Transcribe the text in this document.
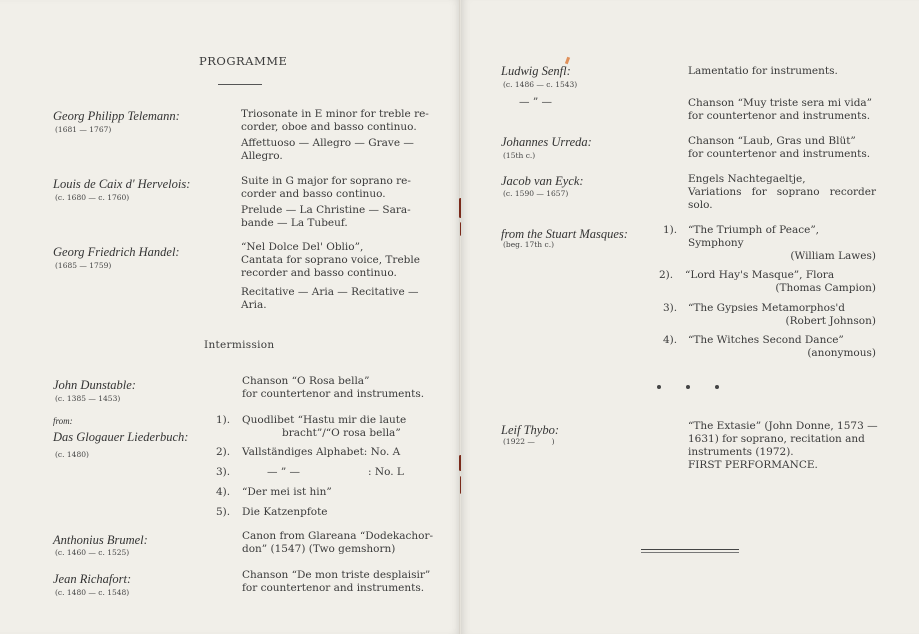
PROGRAMME
Georg Philipp Telemann:
(1681 — 1767)
Triosonate in E minor for treble re-
corder, oboe and basso continuo.
Affettuoso — Allegro — Grave —
Allegro.
Louis de Caix d' Hervelois:
(c. 1680 — c. 1760)
Suite in G major for soprano re-
corder and basso continuo.
Prelude — La Christine — Sara-
bande — La Tubeuf.
Georg Friedrich Handel:
(1685 — 1759)
“Nel Dolce Del' Oblio”,
Cantata for soprano voice, Treble
recorder and basso continuo.
Recitative — Aria — Recitative —
Aria.
Intermission
John Dunstable:
(c. 1385 — 1453)
Chanson “O Rosa bella”
for countertenor and instruments.
from:
Das Glogauer Liederbuch:
(c. 1480)
1). Quodlibet “Hastu mir die laute
bracht”/“O rosa bella”
2). Vallständiges Alphabet: No. A
3).	— ” —	: No. L
4). “Der mei ist hin”
5). Die Katzenpfote
Anthonius Brumel:
(c. 1460 — c. 1525)
Canon from Glareana “Dodekachor-
don” (1547) (Two gemshorn)
Jean Richafort:
(c. 1480 — c. 1548)
Chanson “De mon triste desplaisir”
for countertenor and instruments.
Ludwig Senfl:
(c. 1486 — c. 1543)
Lamentatio for instruments.
— ” —	Chanson “Muy triste sera mi vida”
for countertenor and instruments.
Johannes Urreda:
(15th c.)
Chanson “Laub, Gras und Blüt”
for countertenor and instruments.
Jacob van Eyck:
(c. 1590 — 1657)
Engels Nachtegaeltje,
Variations for soprano recorder
solo.
from the Stuart Masques:
(beg. 17th c.)
1). “The Triumph of Peace”, Symphony
(William Lawes)
2). “Lord Hay's Masque”, Flora
(Thomas Campion)
3). “The Gypsies Metamorphos'd
(Robert Johnson)
4). “The Witches Second Dance”
(anonymous)
Leif Thybo:
(1922 —       )
“The Extasie” (John Donne, 1573 —
1631) for soprano, recitation and
instruments (1972).
FIRST PERFORMANCE.
